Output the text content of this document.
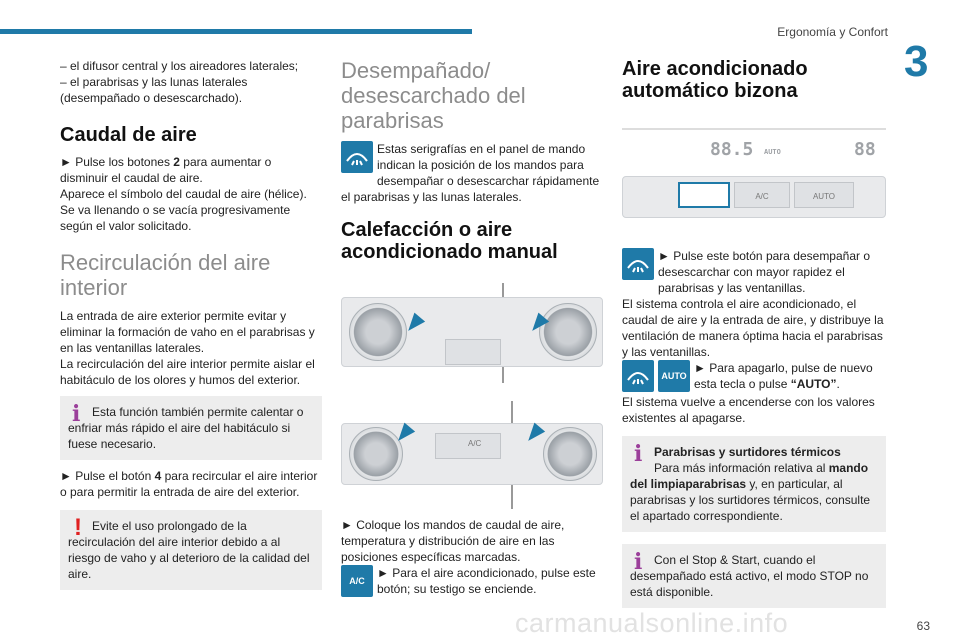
Ergonomía y Confort
3
63

– el difusor central y los aireadores laterales;

– el parabrisas y las lunas laterales (desempañado o desescarchado).

Caudal de aire

► Pulse los botones 2 para aumentar o disminuir el caudal de aire.

Aparece el símbolo del caudal de aire (hélice). Se va llenando o se vacía progresivamente según el valor solicitado.

Recirculación del aire interior

La entrada de aire exterior permite evitar y eliminar la formación de vaho en el parabrisas y en las ventanillas laterales.

La recirculación del aire interior permite aislar el habitáculo de los olores y humos del exterior.

i Esta función también permite calentar o enfriar más rápido el aire del habitáculo si fuese necesario.

► Pulse el botón 4 para recircular el aire interior o para permitir la entrada de aire del exterior.

! Evite el uso prolongado de la recirculación del aire interior debido a al riesgo de vaho y al deterioro de la calidad del aire.

Desempañado/ desescarchado del parabrisas

Estas serigrafías en el panel de mando indican la posición de los mandos para desempañar o desescarchar rápidamente el parabrisas y las lunas laterales.

Calefacción o aire acondicionado manual
A/C

► Coloque los mandos de caudal de aire, temperatura y distribución de aire en las posiciones específicas marcadas.

A/C

► Para el aire acondicionado, pulse este botón; su testigo se enciende.

Aire acondicionado automático bizona
88.5 AUTO	88
A/C	AUTO

► Pulse este botón para desempañar o desescarchar con mayor rapidez el parabrisas y las ventanillas.

El sistema controla el aire acondicionado, el caudal de aire y la entrada de aire, y distribuye la ventilación de manera óptima hacia el parabrisas y las ventanillas.

AUTO

► Para apagarlo, pulse de nuevo esta tecla o pulse “AUTO”.

El sistema vuelve a encenderse con los valores existentes al apagarse.

i Parabrisas y surtidores térmicos

Para más información relativa al mando del limpiaparabrisas y, en particular, al parabrisas y los surtidores térmicos, consulte el apartado correspondiente.

i Con el Stop & Start, cuando el desempañado está activo, el modo STOP no está disponible.

carmanualsonline.info
